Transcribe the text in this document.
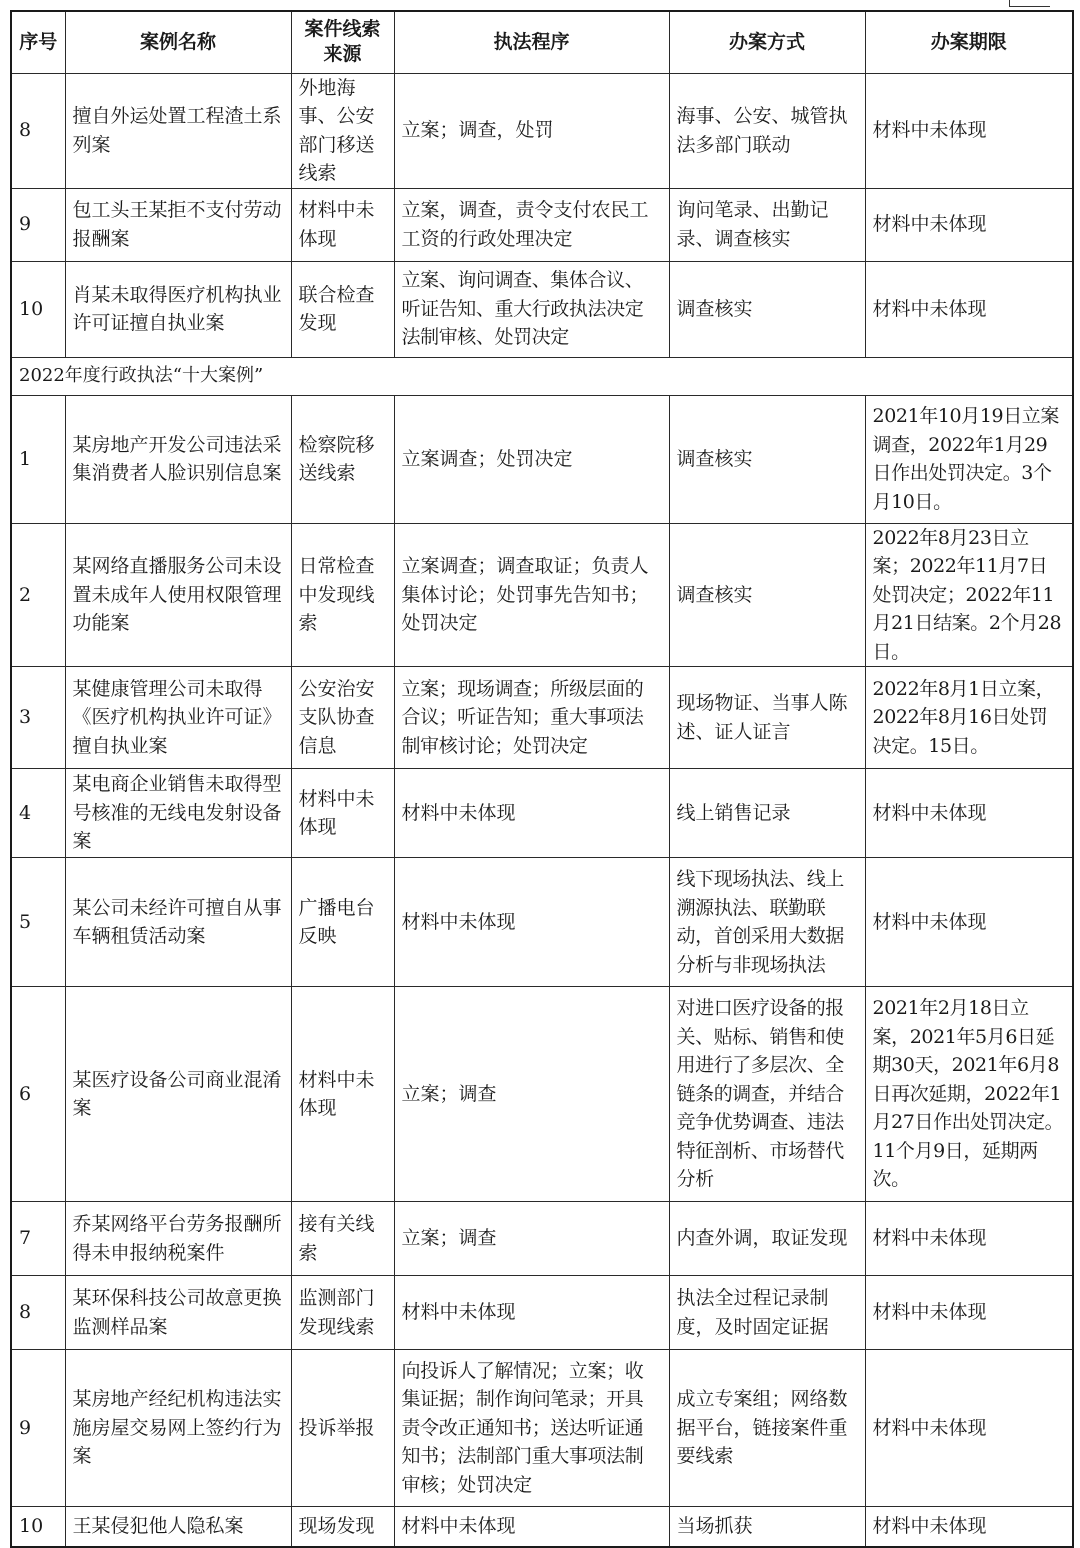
序号	案例名称	案件线索来源	执法程序	办案方式	办案期限
8	擅自外运处置工程渣土系列案	外地海事、公安部门移送线索	立案；调查，处罚	海事、公安、城管执法多部门联动	材料中未体现
9	包工头王某拒不支付劳动报酬案	材料中未体现	立案，调查，责令支付农民工工资的行政处理决定	询问笔录、出勤记录、调查核实	材料中未体现
10	肖某未取得医疗机构执业许可证擅自执业案	联合检查发现	立案、询问调查、集体合议、听证告知、重大行政执法决定法制审核、处罚决定	调查核实	材料中未体现
2022年度行政执法“十大案例”					
1	某房地产开发公司违法采集消费者人脸识别信息案	检察院移送线索	立案调查；处罚决定	调查核实	2021年10月19日立案调查，2022年1月29日作出处罚决定。3个月10日。
2	某网络直播服务公司未设置未成年人使用权限管理功能案	日常检查中发现线索	立案调查；调查取证；负责人集体讨论；处罚事先告知书；处罚决定	调查核实	2022年8月23日立案；2022年11月7日处罚决定；2022年11月21日结案。2个月28日。
3	某健康管理公司未取得《医疗机构执业许可证》擅自执业案	公安治安支队协查信息	立案；现场调查；所级层面的合议；听证告知；重大事项法制审核讨论；处罚决定	现场物证、当事人陈述、证人证言	2022年8月1日立案，2022年8月16日处罚决定。15日。
4	某电商企业销售未取得型号核准的无线电发射设备案	材料中未体现	材料中未体现	线上销售记录	材料中未体现
5	某公司未经许可擅自从事车辆租赁活动案	广播电台反映	材料中未体现	线下现场执法、线上溯源执法、联勤联动，首创采用大数据分析与非现场执法	材料中未体现
6	某医疗设备公司商业混淆案	材料中未体现	立案；调查	对进口医疗设备的报关、贴标、销售和使用进行了多层次、全链条的调查，并结合竞争优势调查、违法特征剖析、市场替代分析	2021年2月18日立案，2021年5月6日延期30天，2021年6月8日再次延期，2022年1月27日作出处罚决定。11个月9日，延期两次。
7	乔某网络平台劳务报酬所得未申报纳税案件	接有关线索	立案；调查	内查外调，取证发现	材料中未体现
8	某环保科技公司故意更换监测样品案	监测部门发现线索	材料中未体现	执法全过程记录制度，及时固定证据	材料中未体现
9	某房地产经纪机构违法实施房屋交易网上签约行为案	投诉举报	向投诉人了解情况；立案；收集证据；制作询问笔录；开具责令改正通知书；送达听证通知书；法制部门重大事项法制审核；处罚决定	成立专案组；网络数据平台，链接案件重要线索	材料中未体现
10	王某侵犯他人隐私案	现场发现	材料中未体现	当场抓获	材料中未体现
